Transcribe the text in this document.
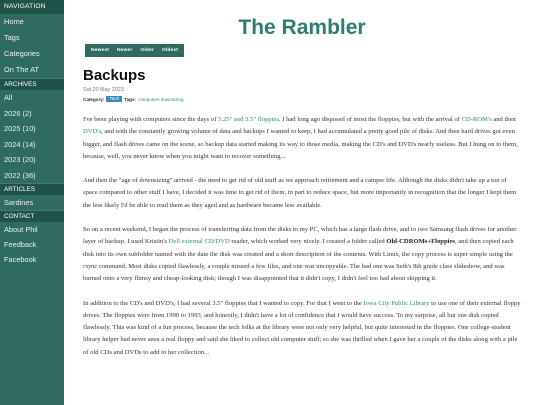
NAVIGATION
Home
Tags
Categories
On The AT
ARCHIVES
All
2026 (2)
2025 (10)
2024 (14)
2023 (20)
2022 (36)
ARTICLES
Sardines
CONTACT
About Phil
Feedback
Facebook
The Rambler
Newest	Newer	Older	Oldest
Backups
Sat 20 May 2023
Category:	Tech	Tags: computers downsizing

I've been playing with computers since the days of 5.25" and 3.5" floppies. I had long ago disposed of most the floppies, but with the arrival of CD-ROM's and then DVD's, and with the constantly growing volume of data and backups I wanted to keep, I had accumulated a pretty good pile of disks. And then hard drives got even bigger, and flash drives came on the scene, so backup data started making its way to those media, making the CD's and DVD's nearly useless. But I hung on to them, because, well, you never know when you might want to recover something...

And then the "age of downsizing" arrived - the need to get rid of old stuff as we approach retirement and a camper life. Although the disks didn't take up a ton of space compared to other stuff I have, I decided it was time to get rid of them, in part to reduce space, but more importantly in recognition that the longer I kept them the less likely I'd be able to read them as they aged and as hardware became less available.

So on a recent weekend, I began the process of transferring data from the disks to my PC, which has a large flash drive, and to two Samsung flash drives for another layer of backup. I used Kristin's Dell external CD/DVD reader, which worked very nicely. I created a folder called Old-CDROMs+Floppies, and then copied each disk into its own subfolder named with the date the disk was created and a short description of the contents. With Linux, the copy process is super simple using the rsync command. Most disks copied flawlessly, a couple missed a few files, and one was uncopyable. The bad one was Seth's 8th grade class slideshow, and was burned onto a very flimsy and cheap-looking disk; though I was disappointed that it didn't copy, I didn't feel too bad about skipping it.

In addition to the CD's and DVD's, I had several 3.5" floppies that I wanted to copy. For that I went to the Iowa City Public Library to use one of their external floppy drives. The floppies were from 1990 to 1993, and honestly, I didn't have a lot of confidence that I would have success. To my surprise, all but one disk copied flawlessly. This was kind of a fun process, because the tech folks at the library were not only very helpful, but quite interested in the floppies. One college-student library helper had never seen a real floppy and said she liked to collect old computer stuff; so she was thrilled when I gave her a couple of the disks along with a pile of old CDs and DVDs to add to her collection...
